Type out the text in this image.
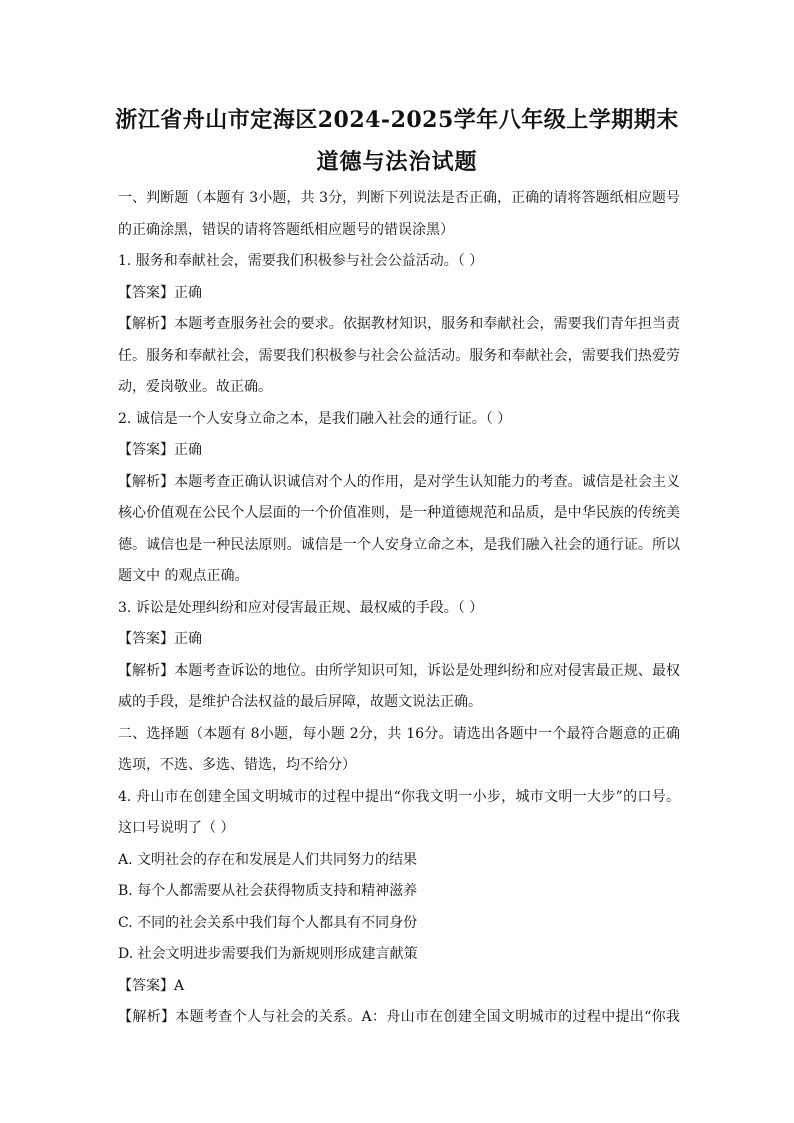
浙江省舟山市定海区2024-2025学年八年级上学期期末
道德与法治试题
一、判断题（本题有 3小题，共 3分，判断下列说法是否正确，正确的请将答题纸相应题号
的正确涂黑，错误的请将答题纸相应题号的错误涂黑）
1. 服务和奉献社会，需要我们积极参与社会公益活动。（ ）
【答案】正确
【解析】本题考查服务社会的要求。依据教材知识，服务和奉献社会，需要我们青年担当责
任。服务和奉献社会，需要我们积极参与社会公益活动。服务和奉献社会，需要我们热爱劳
动，爱岗敬业。故正确。
2. 诚信是一个人安身立命之本，是我们融入社会的通行证。（ ）
【答案】正确
【解析】本题考查正确认识诚信对个人的作用，是对学生认知能力的考查。诚信是社会主义
核心价值观在公民个人层面的一个价值准则，是一种道德规范和品质，是中华民族的传统美
德。诚信也是一种民法原则。诚信是一个人安身立命之本，是我们融入社会的通行证。所以
题文中 的观点正确。
3. 诉讼是处理纠纷和应对侵害最正规、最权威的手段。（ ）
【答案】正确
【解析】本题考查诉讼的地位。由所学知识可知，诉讼是处理纠纷和应对侵害最正规、最权
威的手段，是维护合法权益的最后屏障，故题文说法正确。
二、选择题（本题有 8小题，每小题 2分，共 16分。请选出各题中一个最符合题意的正确
选项，不选、多选、错选，均不给分）
4. 舟山市在创建全国文明城市的过程中提出“你我文明一小步，城市文明一大步”的口号。
这口号说明了（ ）
A. 文明社会的存在和发展是人们共同努力的结果
B. 每个人都需要从社会获得物质支持和精神滋养
C. 不同的社会关系中我们每个人都具有不同身份
D. 社会文明进步需要我们为新规则形成建言献策
【答案】A
【解析】本题考查个人与社会的关系。A：舟山市在创建全国文明城市的过程中提出“你我
